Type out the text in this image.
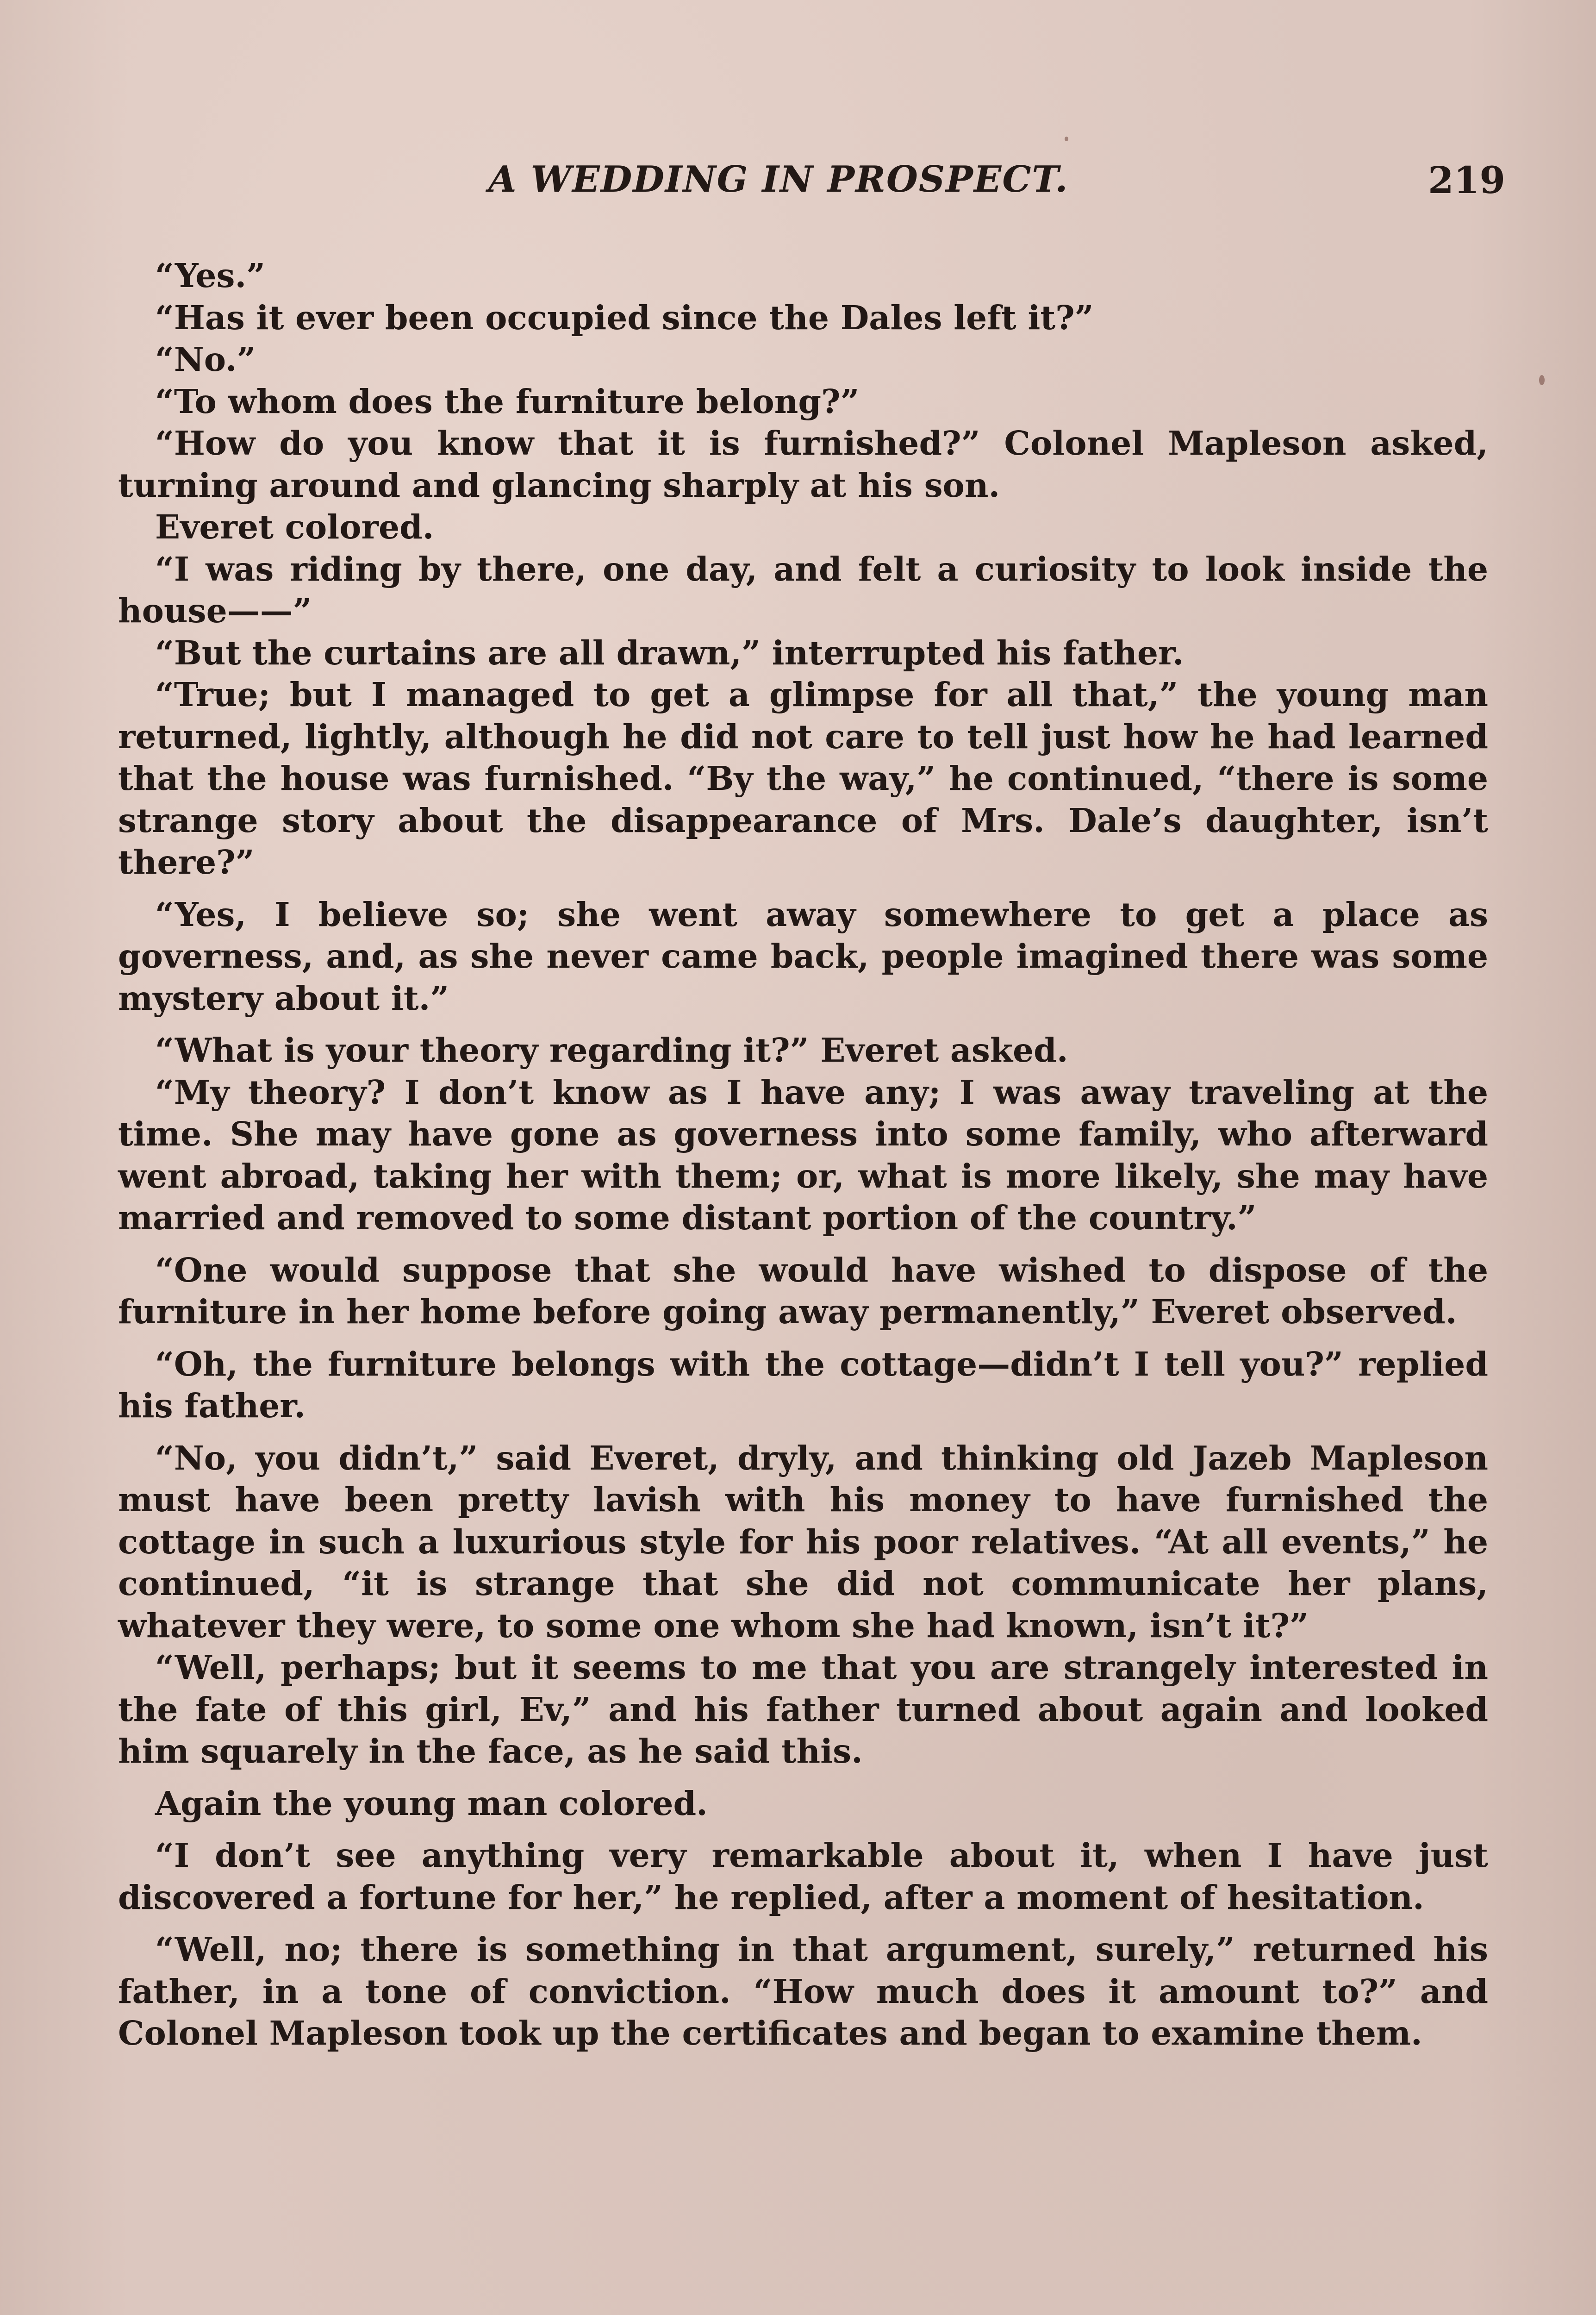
A WEDDING IN PROSPECT.	219

“Yes.”

“Has it ever been occupied since the Dales left it?”

“No.”

“To whom does the furniture belong?”

“How do you know that it is furnished?” Colonel Mapleson asked, turning around and glancing sharply at his son.

Everet colored.

“I was riding by there, one day, and felt a curiosity to look inside the house——”

“But the curtains are all drawn,” interrupted his father.

“True; but I managed to get a glimpse for all that,” the young man returned, lightly, although he did not care to tell just how he had learned that the house was furnished. “By the way,” he continued, “there is some strange story about the disappearance of Mrs. Dale’s daughter, isn’t there?”

“Yes, I believe so; she went away somewhere to get a place as governess, and, as she never came back, people imagined there was some mystery about it.”

“What is your theory regarding it?” Everet asked.

“My theory? I don’t know as I have any; I was away traveling at the time. She may have gone as governess into some family, who afterward went abroad, taking her with them; or, what is more likely, she may have married and removed to some distant portion of the country.”

“One would suppose that she would have wished to dispose of the furniture in her home before going away permanently,” Everet observed.

“Oh, the furniture belongs with the cottage—didn’t I tell you?” replied his father.

“No, you didn’t,” said Everet, dryly, and thinking old Jazeb Mapleson must have been pretty lavish with his money to have furnished the cottage in such a luxurious style for his poor relatives. “At all events,” he continued, “it is strange that she did not communicate her plans, whatever they were, to some one whom she had known, isn’t it?”

“Well, perhaps; but it seems to me that you are strangely interested in the fate of this girl, Ev,” and his father turned about again and looked him squarely in the face, as he said this.

Again the young man colored.

“I don’t see anything very remarkable about it, when I have just discovered a fortune for her,” he replied, after a moment of hesitation.

“Well, no; there is something in that argument, surely,” returned his father, in a tone of conviction. “How much does it amount to?” and Colonel Mapleson took up the certificates and began to examine them.
